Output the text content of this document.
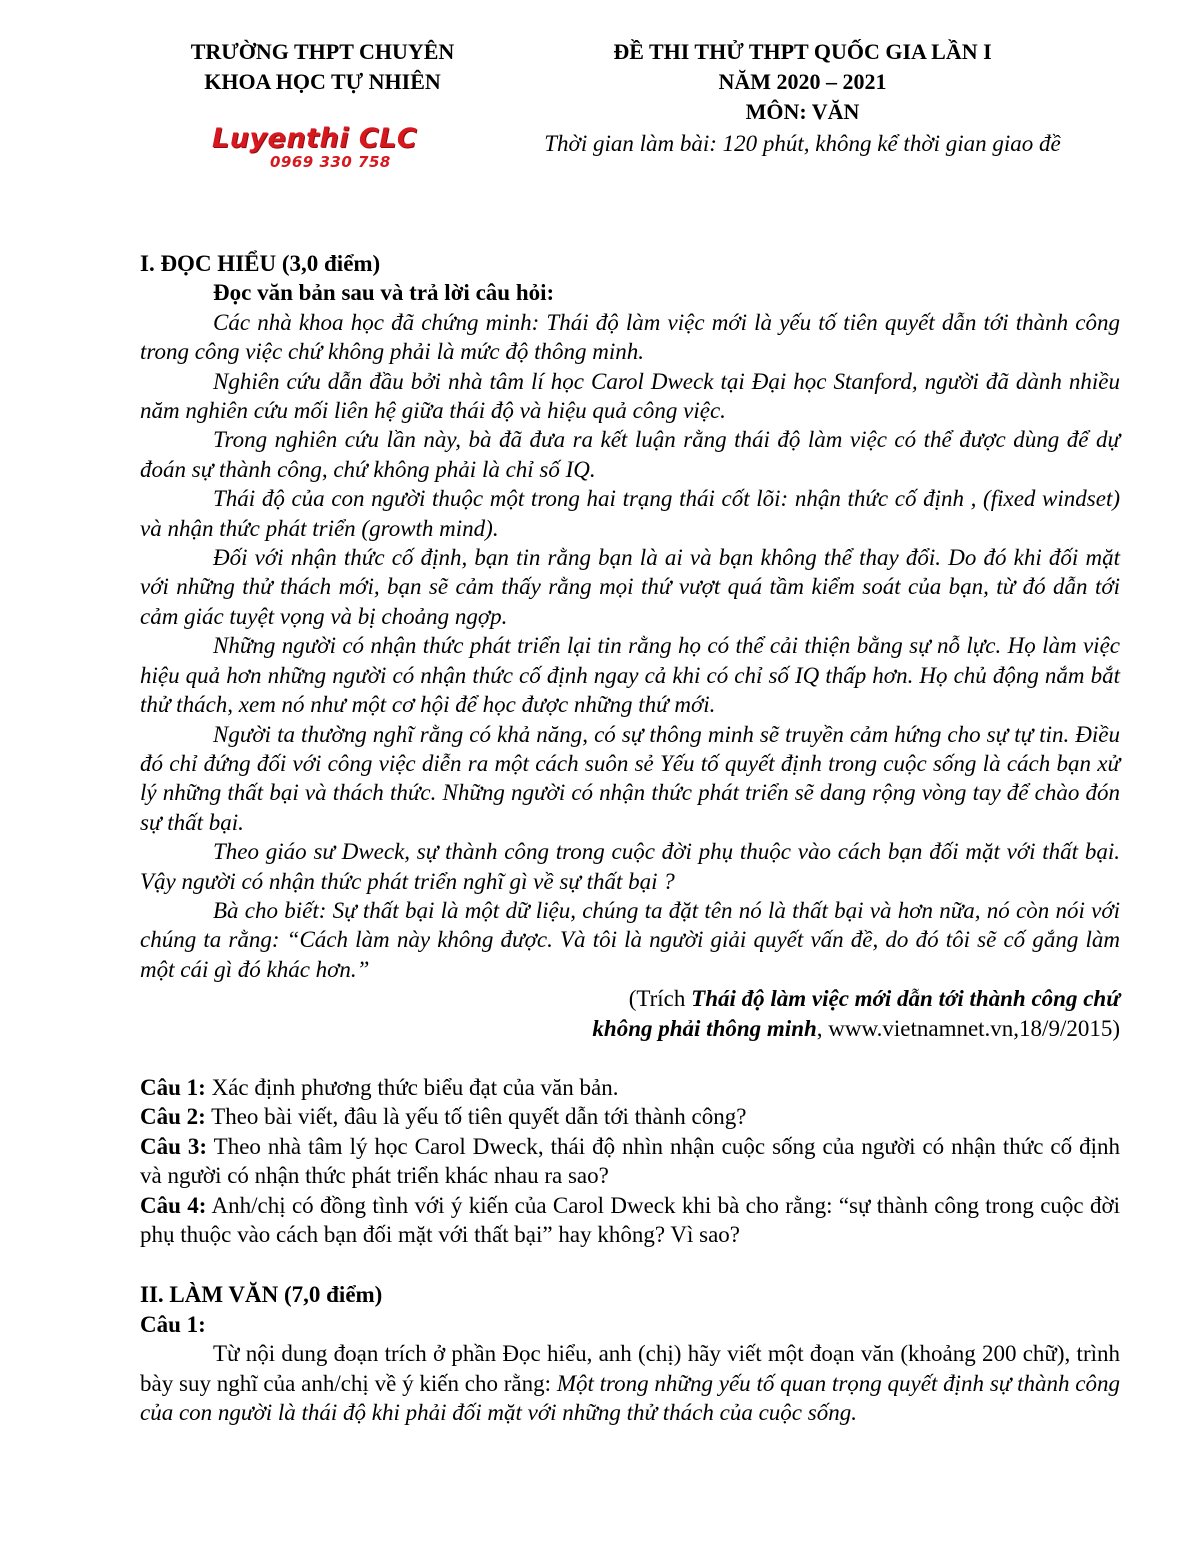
TRƯỜNG THPT CHUYÊN
KHOA HỌC TỰ NHIÊN
Luyenthi CLC
0969 330 758
ĐỀ THI THỬ THPT QUỐC GIA LẦN I
NĂM 2020 – 2021
MÔN: VĂN
Thời gian làm bài: 120 phút, không kể thời gian giao đề
I. ĐỌC HIỂU (3,0 điểm)
Đọc văn bản sau và trả lời câu hỏi:

Các nhà khoa học đã chứng minh: Thái độ làm việc mới là yếu tố tiên quyết dẫn tới thành công trong công việc chứ không phải là mức độ thông minh.

Nghiên cứu dẫn đầu bởi nhà tâm lí học Carol Dweck tại Đại học Stanford, người đã dành nhiều năm nghiên cứu mối liên hệ giữa thái độ và hiệu quả công việc.

Trong nghiên cứu lần này, bà đã đưa ra kết luận rằng thái độ làm việc có thể được dùng để dự đoán sự thành công, chứ không phải là chỉ số IQ.

Thái độ của con người thuộc một trong hai trạng thái cốt lõi: nhận thức cố định , (fixed windset) và nhận thức phát triển (growth mind).

Đối với nhận thức cố định, bạn tin rằng bạn là ai và bạn không thể thay đổi. Do đó khi đối mặt với những thử thách mới, bạn sẽ cảm thấy rằng mọi thứ vượt quá tầm kiểm soát của bạn, từ đó dẫn tới cảm giác tuyệt vọng và bị choảng ngợp.

Những người có nhận thức phát triển lại tin rằng họ có thể cải thiện bằng sự nỗ lực. Họ làm việc hiệu quả hơn những người có nhận thức cố định ngay cả khi có chỉ số IQ thấp hơn. Họ chủ động nắm bắt thử thách, xem nó như một cơ hội để học được những thứ mới.

Người ta thường nghĩ rằng có khả năng, có sự thông minh sẽ truyền cảm hứng cho sự tự tin. Điều đó chỉ đứng đối với công việc diễn ra một cách suôn sẻ Yếu tố quyết định trong cuộc sống là cách bạn xử lý những thất bại và thách thức. Những người có nhận thức phát triển sẽ dang rộng vòng tay để chào đón sự thất bại.

Theo giáo sư Dweck, sự thành công trong cuộc đời phụ thuộc vào cách bạn đối mặt với thất bại. Vậy người có nhận thức phát triển nghĩ gì về sự thất bại ?

Bà cho biết: Sự thất bại là một dữ liệu, chúng ta đặt tên nó là thất bại và hơn nữa, nó còn nói với chúng ta rằng: “Cách làm này không được. Và tôi là người giải quyết vấn đề, do đó tôi sẽ cố gắng làm một cái gì đó khác hơn.”

(Trích Thái độ làm việc mới dẫn tới thành công chứ

không phải thông minh, www.vietnamnet.vn,18/9/2015)

Câu 1: Xác định phương thức biểu đạt của văn bản.

Câu 2: Theo bài viết, đâu là yếu tố tiên quyết dẫn tới thành công?

Câu 3: Theo nhà tâm lý học Carol Dweck, thái độ nhìn nhận cuộc sống của người có nhận thức cố định và người có nhận thức phát triển khác nhau ra sao?

Câu 4: Anh/chị có đồng tình với ý kiến của Carol Dweck khi bà cho rằng: “sự thành công trong cuộc đời phụ thuộc vào cách bạn đối mặt với thất bại” hay không? Vì sao?

II. LÀM VĂN (7,0 điểm)
Câu 1:

Từ nội dung đoạn trích ở phần Đọc hiểu, anh (chị) hãy viết một đoạn văn (khoảng 200 chữ), trình bày suy nghĩ của anh/chị về ý kiến cho rằng: Một trong những yếu tố quan trọng quyết định sự thành công của con người là thái độ khi phải đối mặt với những thử thách của cuộc sống.
